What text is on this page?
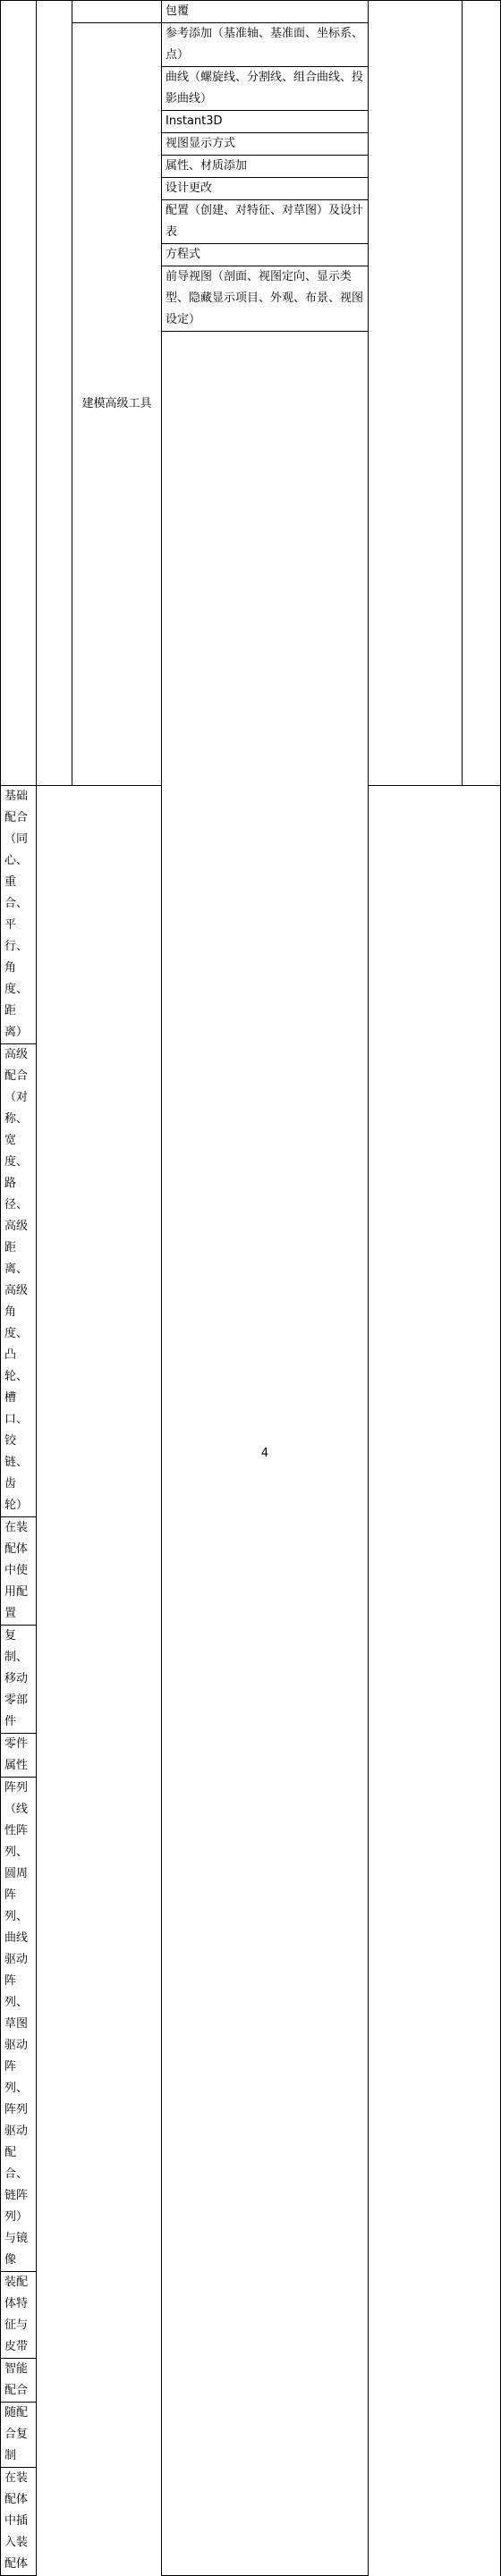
			包覆			
		建模高级工具	参考添加（基准轴、基准面、坐标系、点）			
			曲线（螺旋线、分割线、组合曲线、投影曲线）			
			Instant3D			
			视图显示方式			
			属性、材质添加			
			设计更改			
			配置（创建、对特征、对草图）及设计表			
			方程式			
			前导视图（剖面、视图定向、显示类型、隐藏显示项目、外观、布景、视图设定）			
			4					

基础配合（同心、重合、平行、角度、距离）						
高级配合（对称、宽度、路径、高级距离、高级角度、凸轮、槽口、铰链、齿轮）						
在装配体中使用配置						
复制、移动零部件						
零件属性						
阵列（线性阵列、圆周阵列、曲线驱动阵列、草图驱动阵列、阵列驱动配合、链阵列）与镜像						
装配体特征与皮带						
智能配合						
随配合复制						
在装配体中插入装配体						
